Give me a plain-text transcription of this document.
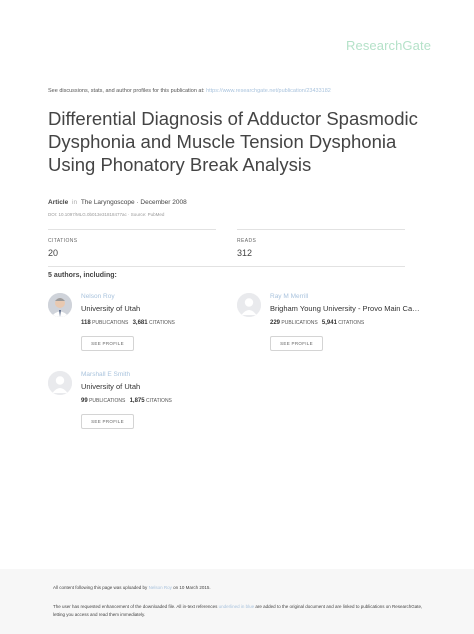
ResearchGate
See discussions, stats, and author profiles for this publication at: https://www.researchgate.net/publication/23433182
Differential Diagnosis of Adductor Spasmodic Dysphonia and Muscle Tension Dysphonia Using Phonatory Break Analysis
Article in The Laryngoscope · December 2008
DOI: 10.1097/MLG.0b013e31818477ac · Source: PubMed
CITATIONS
20
READS
312
5 authors, including:
Nelson Roy
University of Utah
118 PUBLICATIONS 3,681 CITATIONS
SEE PROFILE
Ray M Merrill
Brigham Young University - Provo Main Ca…
229 PUBLICATIONS 5,941 CITATIONS
SEE PROFILE
Marshall E Smith
University of Utah
99 PUBLICATIONS 1,875 CITATIONS
SEE PROFILE
All content following this page was uploaded by Nelson Roy on 10 March 2015.
The user has requested enhancement of the downloaded file. All in-text references underlined in blue are added to the original document and are linked to publications on ResearchGate, letting you access and read them immediately.
